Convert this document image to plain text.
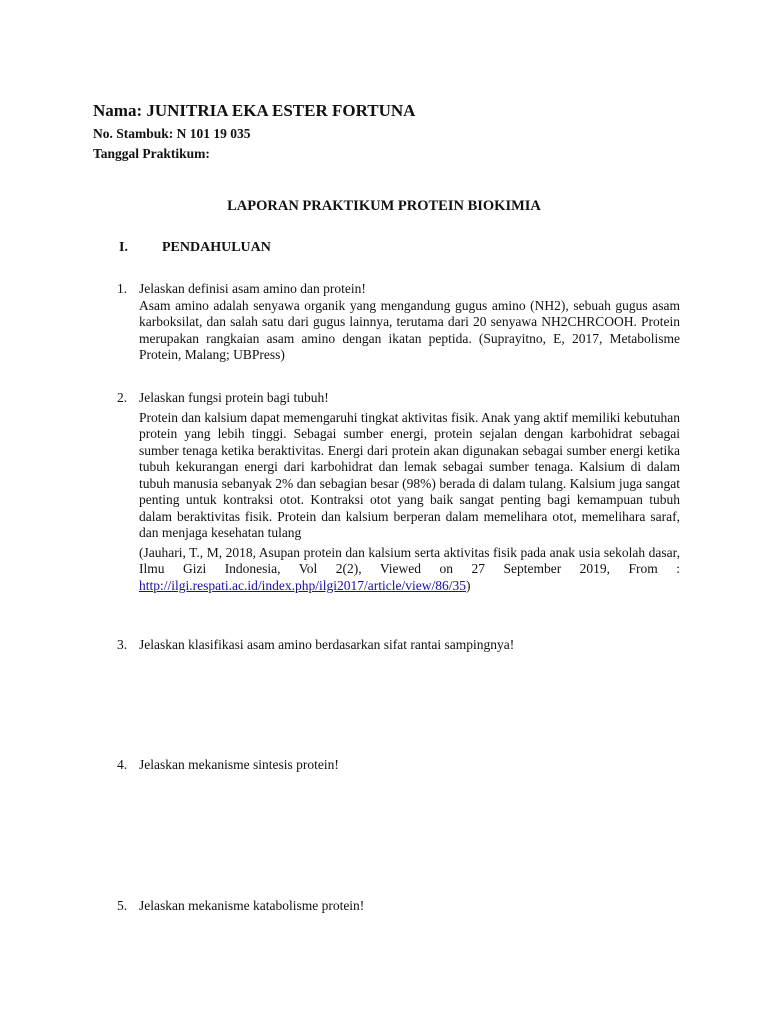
Nama: JUNITRIA EKA ESTER FORTUNA

No. Stambuk: N 101 19 035

Tanggal Praktikum:

LAPORAN PRAKTIKUM PROTEIN BIOKIMIA

I. PENDAHULUAN

1. Jelaskan definisi asam amino dan protein!
Asam amino adalah senyawa organik yang mengandung gugus amino (NH2), sebuah gugus asam karboksilat, dan salah satu dari gugus lainnya, terutama dari 20 senyawa NH2CHRCOOH. Protein merupakan rangkaian asam amino dengan ikatan peptida. (Suprayitno, E, 2017, Metabolisme Protein, Malang; UBPress)
2. Jelaskan fungsi protein bagi tubuh!
Protein dan kalsium dapat memengaruhi tingkat aktivitas fisik. Anak yang aktif memiliki kebutuhan protein yang lebih tinggi. Sebagai sumber energi, protein sejalan dengan karbohidrat sebagai sumber tenaga ketika beraktivitas. Energi dari protein akan digunakan sebagai sumber energi ketika tubuh kekurangan energi dari karbohidrat dan lemak sebagai sumber tenaga. Kalsium di dalam tubuh manusia sebanyak 2% dan sebagian besar (98%) berada di dalam tulang. Kalsium juga sangat penting untuk kontraksi otot. Kontraksi otot yang baik sangat penting bagi kemampuan tubuh dalam beraktivitas fisik. Protein dan kalsium berperan dalam memelihara otot, memelihara saraf, dan menjaga kesehatan tulang
(Jauhari, T., M, 2018, Asupan protein dan kalsium serta aktivitas fisik pada anak usia sekolah dasar, Ilmu Gizi Indonesia, Vol 2(2), Viewed on 27 September 2019, From : http://ilgi.respati.ac.id/index.php/ilgi2017/article/view/86/35)
3. Jelaskan klasifikasi asam amino berdasarkan sifat rantai sampingnya!
4. Jelaskan mekanisme sintesis protein!
5. Jelaskan mekanisme katabolisme protein!
